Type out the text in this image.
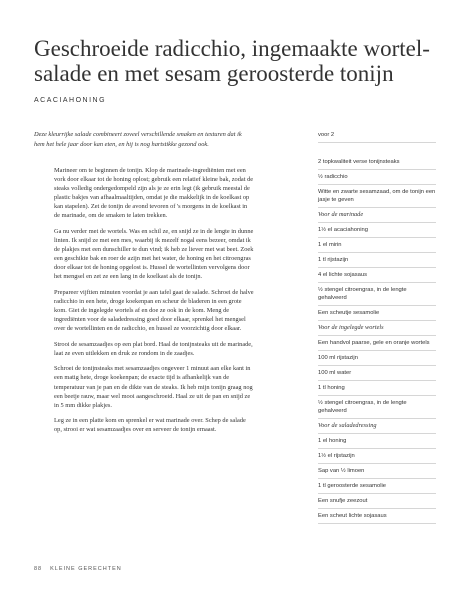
Geschroeide radicchio, ingemaakte wortel-salade en met sesam geroosterde tonijn
ACACIAHONING
Deze kleurrijke salade combineert zoveel verschillende smaken en texturen dat ik hem het hele jaar door kan eten, en hij is nog hartstikke gezond ook.

Marineer om te beginnen de tonijn. Klop de marinade-ingrediënten met een vork door elkaar tot de honing oplost; gebruik een relatief kleine bak, zodat de steaks volledig ondergedompeld zijn als je ze erin legt (ik gebruik meestal de plastic bakjes van afhaalmaaltijden, omdat je die makkelijk in de koelkast op kan stapelen). Zet de tonijn de avond tevoren of 's morgens in de koelkast in de marinade, om de smaken te laten trekken.

Ga nu verder met de wortels. Was en schil ze, en snijd ze in de lengte in dunne linten. Ik snijd ze met een mes, waarbij ik mezelf nogal eens bezeer, omdat ik de plakjes met een dunschiller te dun vind; ik heb ze liever met wat beet. Zoek een geschikte bak en roer de azijn met het water, de honing en het citroengras door elkaar tot de honing opgelost is. Hussel de wortellinten vervolgens door het mengsel en zet ze een lang in de koelkast als de tonijn.

Prepareer vijftien minuten voordat je aan tafel gaat de salade. Schroei de halve radicchio in een hete, droge koekenpan en scheur de bladeren in een grote kom. Giet de ingelegde wortels af en doe ze ook in de kom. Meng de ingrediënten voor de saladedressing goed door elkaar, sprenkel het mengsel over de wortellinten en de radicchio, en hussel ze voorzichtig door elkaar.

Strooi de sesamzaadjes op een plat bord. Haal de tonijnsteaks uit de marinade, laat ze even uitlekken en druk ze rondom in de zaadjes.

Schroei de tonijnsteaks met sesamzaadjes ongeveer 1 minuut aan elke kant in een matig hete, droge koekenpan; de exacte tijd is afhankelijk van de temperatuur van je pan en de dikte van de steaks. Ik heb mijn tonijn graag nog een beetje rauw, maar wel mooi aangeschroeid. Haal ze uit de pan en snijd ze in 5 mm dikke plakjes.

Leg ze in een platte kom en sprenkel er wat marinade over. Schep de salade op, strooi er wat sesamzaadjes over en serveer de tonijn ernaast.

voor 2
2 topkwaliteit verse tonijnsteaks
½ radicchio
Witte en zwarte sesamzaad, om de tonijn een jasje te geven
Voor de marinade
1½ el acaciahoning
1 el mirin
1 tl rijstazijn
4 el lichte sojasaus
½ stengel citroengras, in de lengte gehalveerd
Een scheutje sesamolie
Voor de ingelegde wortels
Een handvol paarse, gele en oranje wortels
100 ml rijstazijn
100 ml water
1 tl honing
½ stengel citroengras, in de lengte gehalveerd
Voor de saladedressing
1 el honing
1½ el rijstazijn
Sap van ½ limoen
1 tl geroosterde sesamolie
Een snufje zeezout
Een scheut lichte sojasaus
88 KLEINE GERECHTEN
